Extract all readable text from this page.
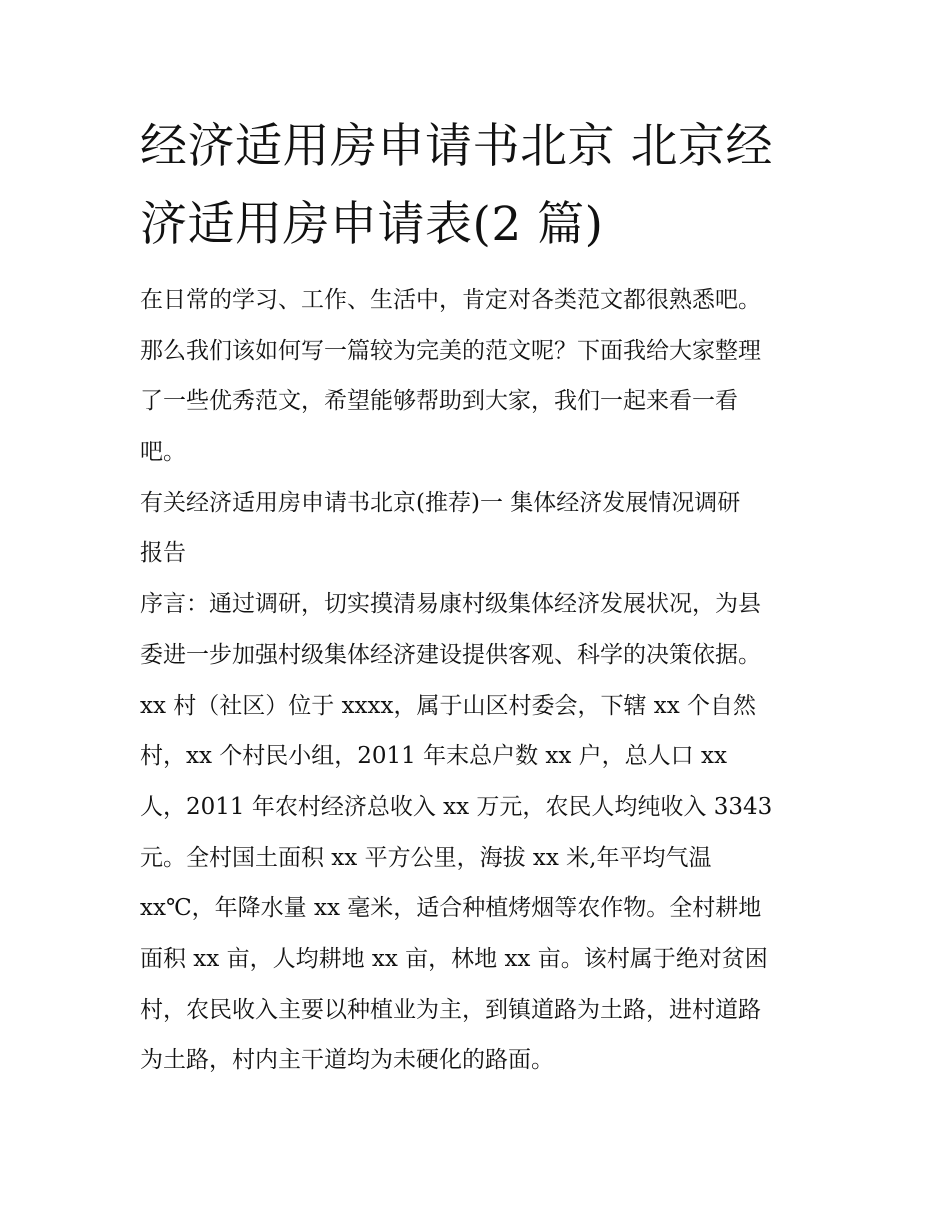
经济适用房申请书北京 北京经
济适用房申请表(2 篇)
在日常的学习、工作、生活中，肯定对各类范文都很熟悉吧。
那么我们该如何写一篇较为完美的范文呢？下面我给大家整理
了一些优秀范文，希望能够帮助到大家，我们一起来看一看
吧。
有关经济适用房申请书北京(推荐)一 集体经济发展情况调研
报告
序言：通过调研，切实摸清易康村级集体经济发展状况，为县
委进一步加强村级集体经济建设提供客观、科学的决策依据。
xx 村（社区）位于 xxxx，属于山区村委会，下辖 xx 个自然
村，xx 个村民小组，2011 年末总户数 xx 户，总人口 xx
人，2011 年农村经济总收入 xx 万元，农民人均纯收入 3343
元。全村国土面积 xx 平方公里，海拔 xx 米,年平均气温
xx℃，年降水量 xx 毫米，适合种植烤烟等农作物。全村耕地
面积 xx 亩，人均耕地 xx 亩，林地 xx 亩。该村属于绝对贫困
村，农民收入主要以种植业为主，到镇道路为土路，进村道路
为土路，村内主干道均为未硬化的路面。
